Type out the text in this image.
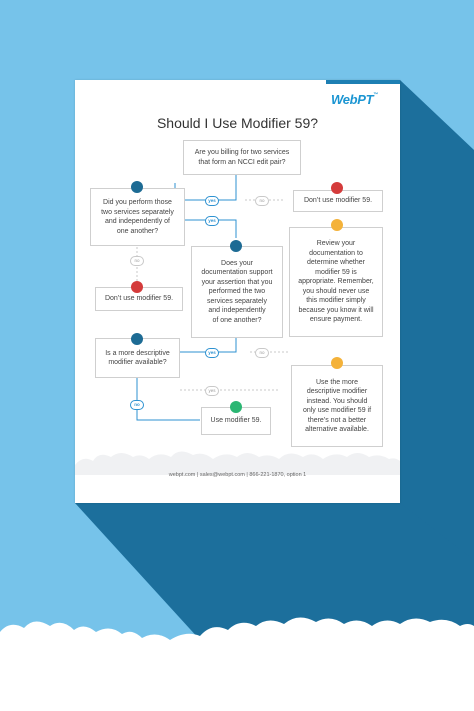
WebPT™
Should I Use Modifier 59?
Are you billing for two services
that form an NCCI edit pair?
Did you perform those
two services separately
and independently of
one another?
Don’t use modifier 59.
Review your
documentation to
determine whether
modifier 59 is
appropriate. Remember,
you should never use
this modifier simply
because you know it will
ensure payment.
Does your
documentation support
your assertion that you
performed the two
services separately
and independently
of one another?
Don’t use modifier 59.
Is a more descriptive
modifier available?
Use the more
descriptive modifier
instead. You should
only use modifier 59 if
there’s not a better
alternative available.
Use modifier 59.
yes	no
yes
no
yes	no
yes
no
webpt.com | sales@webpt.com | 866-221-1870, option 1
